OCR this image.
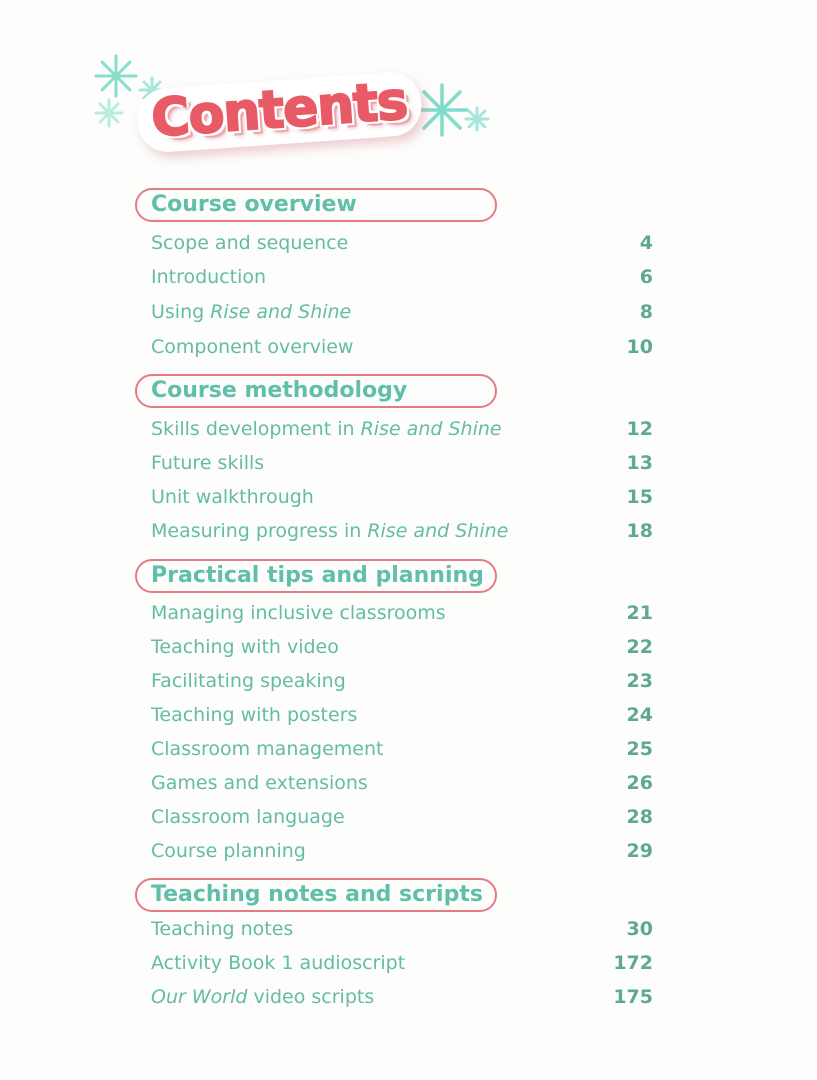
Contents
Course overview
Scope and sequence	4
Introduction	6
Using Rise and Shine	8
Component overview	10
Course methodology
Skills development in Rise and Shine	12
Future skills	13
Unit walkthrough	15
Measuring progress in Rise and Shine	18
Practical tips and planning
Managing inclusive classrooms	21
Teaching with video	22
Facilitating speaking	23
Teaching with posters	24
Classroom management	25
Games and extensions	26
Classroom language	28
Course planning	29
Teaching notes and scripts
Teaching notes	30
Activity Book 1 audioscript	172
Our World video scripts	175
